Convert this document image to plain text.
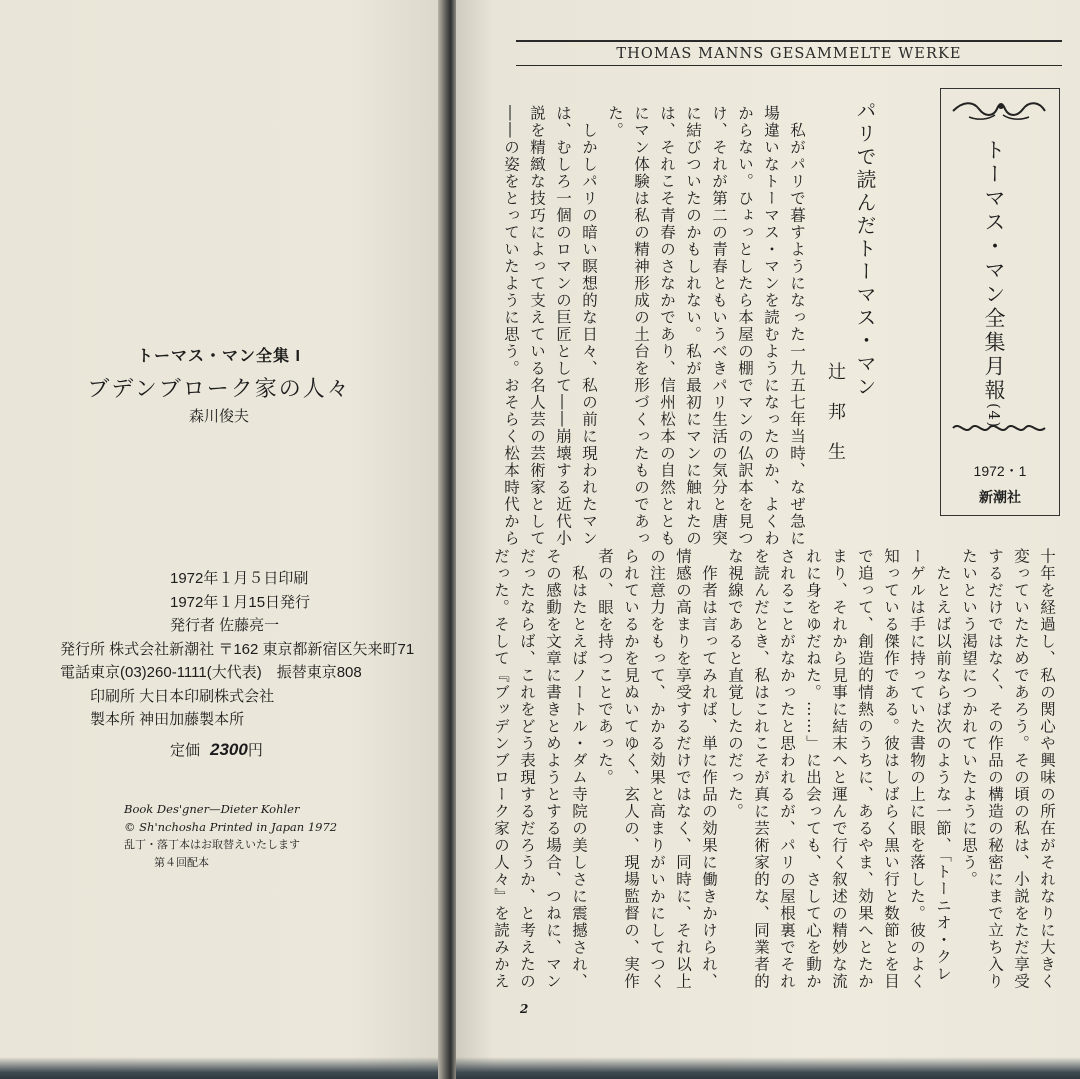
トーマス・マン全集 I
ブデンブローク家の人々
森川俊夫
1972年１月５日印刷
1972年１月15日発行
発行者 佐藤亮一
発行所 株式会社新潮社 〒162 東京都新宿区矢来町71
電話東京(03)260-1111(大代表)　振替東京808
印刷所 大日本印刷株式会社
製本所 神田加藤製本所
定価 2300円
Book Des'gner—Dieter Kohler
© Sh'nchosha Printed in Japan 1972
乱丁・落丁本はお取替えいたします
第４回配本
THOMAS MANNS GESAMMELTE WERKE
トーマス・マン全集月報(4)
1972・1
新潮社
パリで読んだトーマス・マン
辻邦生
　私がパリで暮すようになった一九五七年当時、なぜ急に
場違いなトーマス・マンを読むようになったのか、よくわ
からない。ひょっとしたら本屋の棚でマンの仏訳本を見つ
け、それが第二の青春ともいうべきパリ生活の気分と唐突
に結びついたのかもしれない。私が最初にマンに触れたの
は、それこそ青春のさなかであり、信州松本の自然ととも
にマン体験は私の精神形成の土台を形づくったものであっ
た。
　しかしパリの暗い瞑想的な日々、私の前に現われたマン
は、むしろ一個のロマンの巨匠として――崩壊する近代小
説を精緻な技巧によって支えている名人芸の芸術家として
――の姿をとっていたように思う。おそらく松本時代から
十年を経過し、私の関心や興味の所在がそれなりに大きく
変っていたためであろう。その頃の私は、小説をただ享受
するだけではなく、その作品の構造の秘密にまで立ち入り
たいという渇望につかれていたように思う。
　たとえば以前ならば次のような一節、「トーニオ・クレ
ーゲルは手に持っていた書物の上に眼を落した。彼のよく
知っている傑作である。彼はしばらく黒い行と数節とを目
で追って、創造的情熱のうちに、あるやま、効果へとたか
まり、それから見事に結末へと運んで行く叙述の精妙な流
れに身をゆだねた。……」に出会っても、さして心を動か
されることがなかったと思われるが、パリの屋根裏でそれ
を読んだとき、私はこれこそが真に芸術家的な、同業者的
な視線であると直覚したのだった。
　作者は言ってみれば、単に作品の効果に働きかけられ、
情感の高まりを享受するだけではなく、同時に、それ以上
の注意力をもって、かかる効果と高まりがいかにしてつく
られているかを見ぬいてゆく、玄人の、現場監督の、実作
者の、眼を持つことであった。
　私はたとえばノートル・ダム寺院の美しさに震撼され、
その感動を文章に書きとめようとする場合、つねに、マン
だったならば、これをどう表現するだろうか、と考えたの
だった。そして『ブッデンブローク家の人々』を読みかえ
2
